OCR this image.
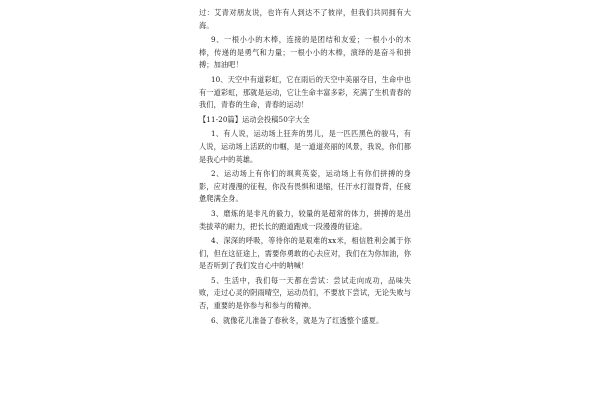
过：艾青对朋友说，也许有人到达不了彼岸，但我们共同拥有大海。

9、一根小小的木棒，连接的是团结和友爱；一根小小的木棒，传递的是勇气和力量；一根小小的木棒，演绎的是奋斗和拼搏；加油吧！

10、天空中有道彩虹，它在雨后的天空中美丽夺目，生命中也有一道彩虹，那就是运动，它让生命丰富多彩，充满了生机青春的我们，青春的生命，青春的运动！

【11-20篇】运动会投稿50字大全

1、有人说，运动场上狂奔的男儿，是一匹匹黑色的骏马，有人说，运动场上活跃的巾帼，是一道道亮丽的风景，我说，你们都是我心中的英雄。

2、运动场上有你们的飒爽英姿，运动场上有你们拼搏的身影，应对漫漫的征程，你没有畏惧和退缩，任汗水打湿脊背，任疲惫爬满全身。

3、磨炼的是非凡的毅力，较量的是超常的体力，拼搏的是出类拔萃的耐力，把长长的跑道跑成一段漫漫的征途。

4、深深的呼吸，等待你的是艰难的xx米，相信胜利会属于你们，但在这征途上，需要你勇敢的心去应对，我们在为你加油，你是否听到了我们发自心中的呐喊！

5、生活中，我们每一天都在尝试：尝试走向成功，品味失败，走过心灵的阴雨晴空，运动员们，不要放下尝试，无论失败与否，重要的是你参与和参与的精神。

6、就像花儿准备了春秋冬，就是为了红透整个盛夏。
